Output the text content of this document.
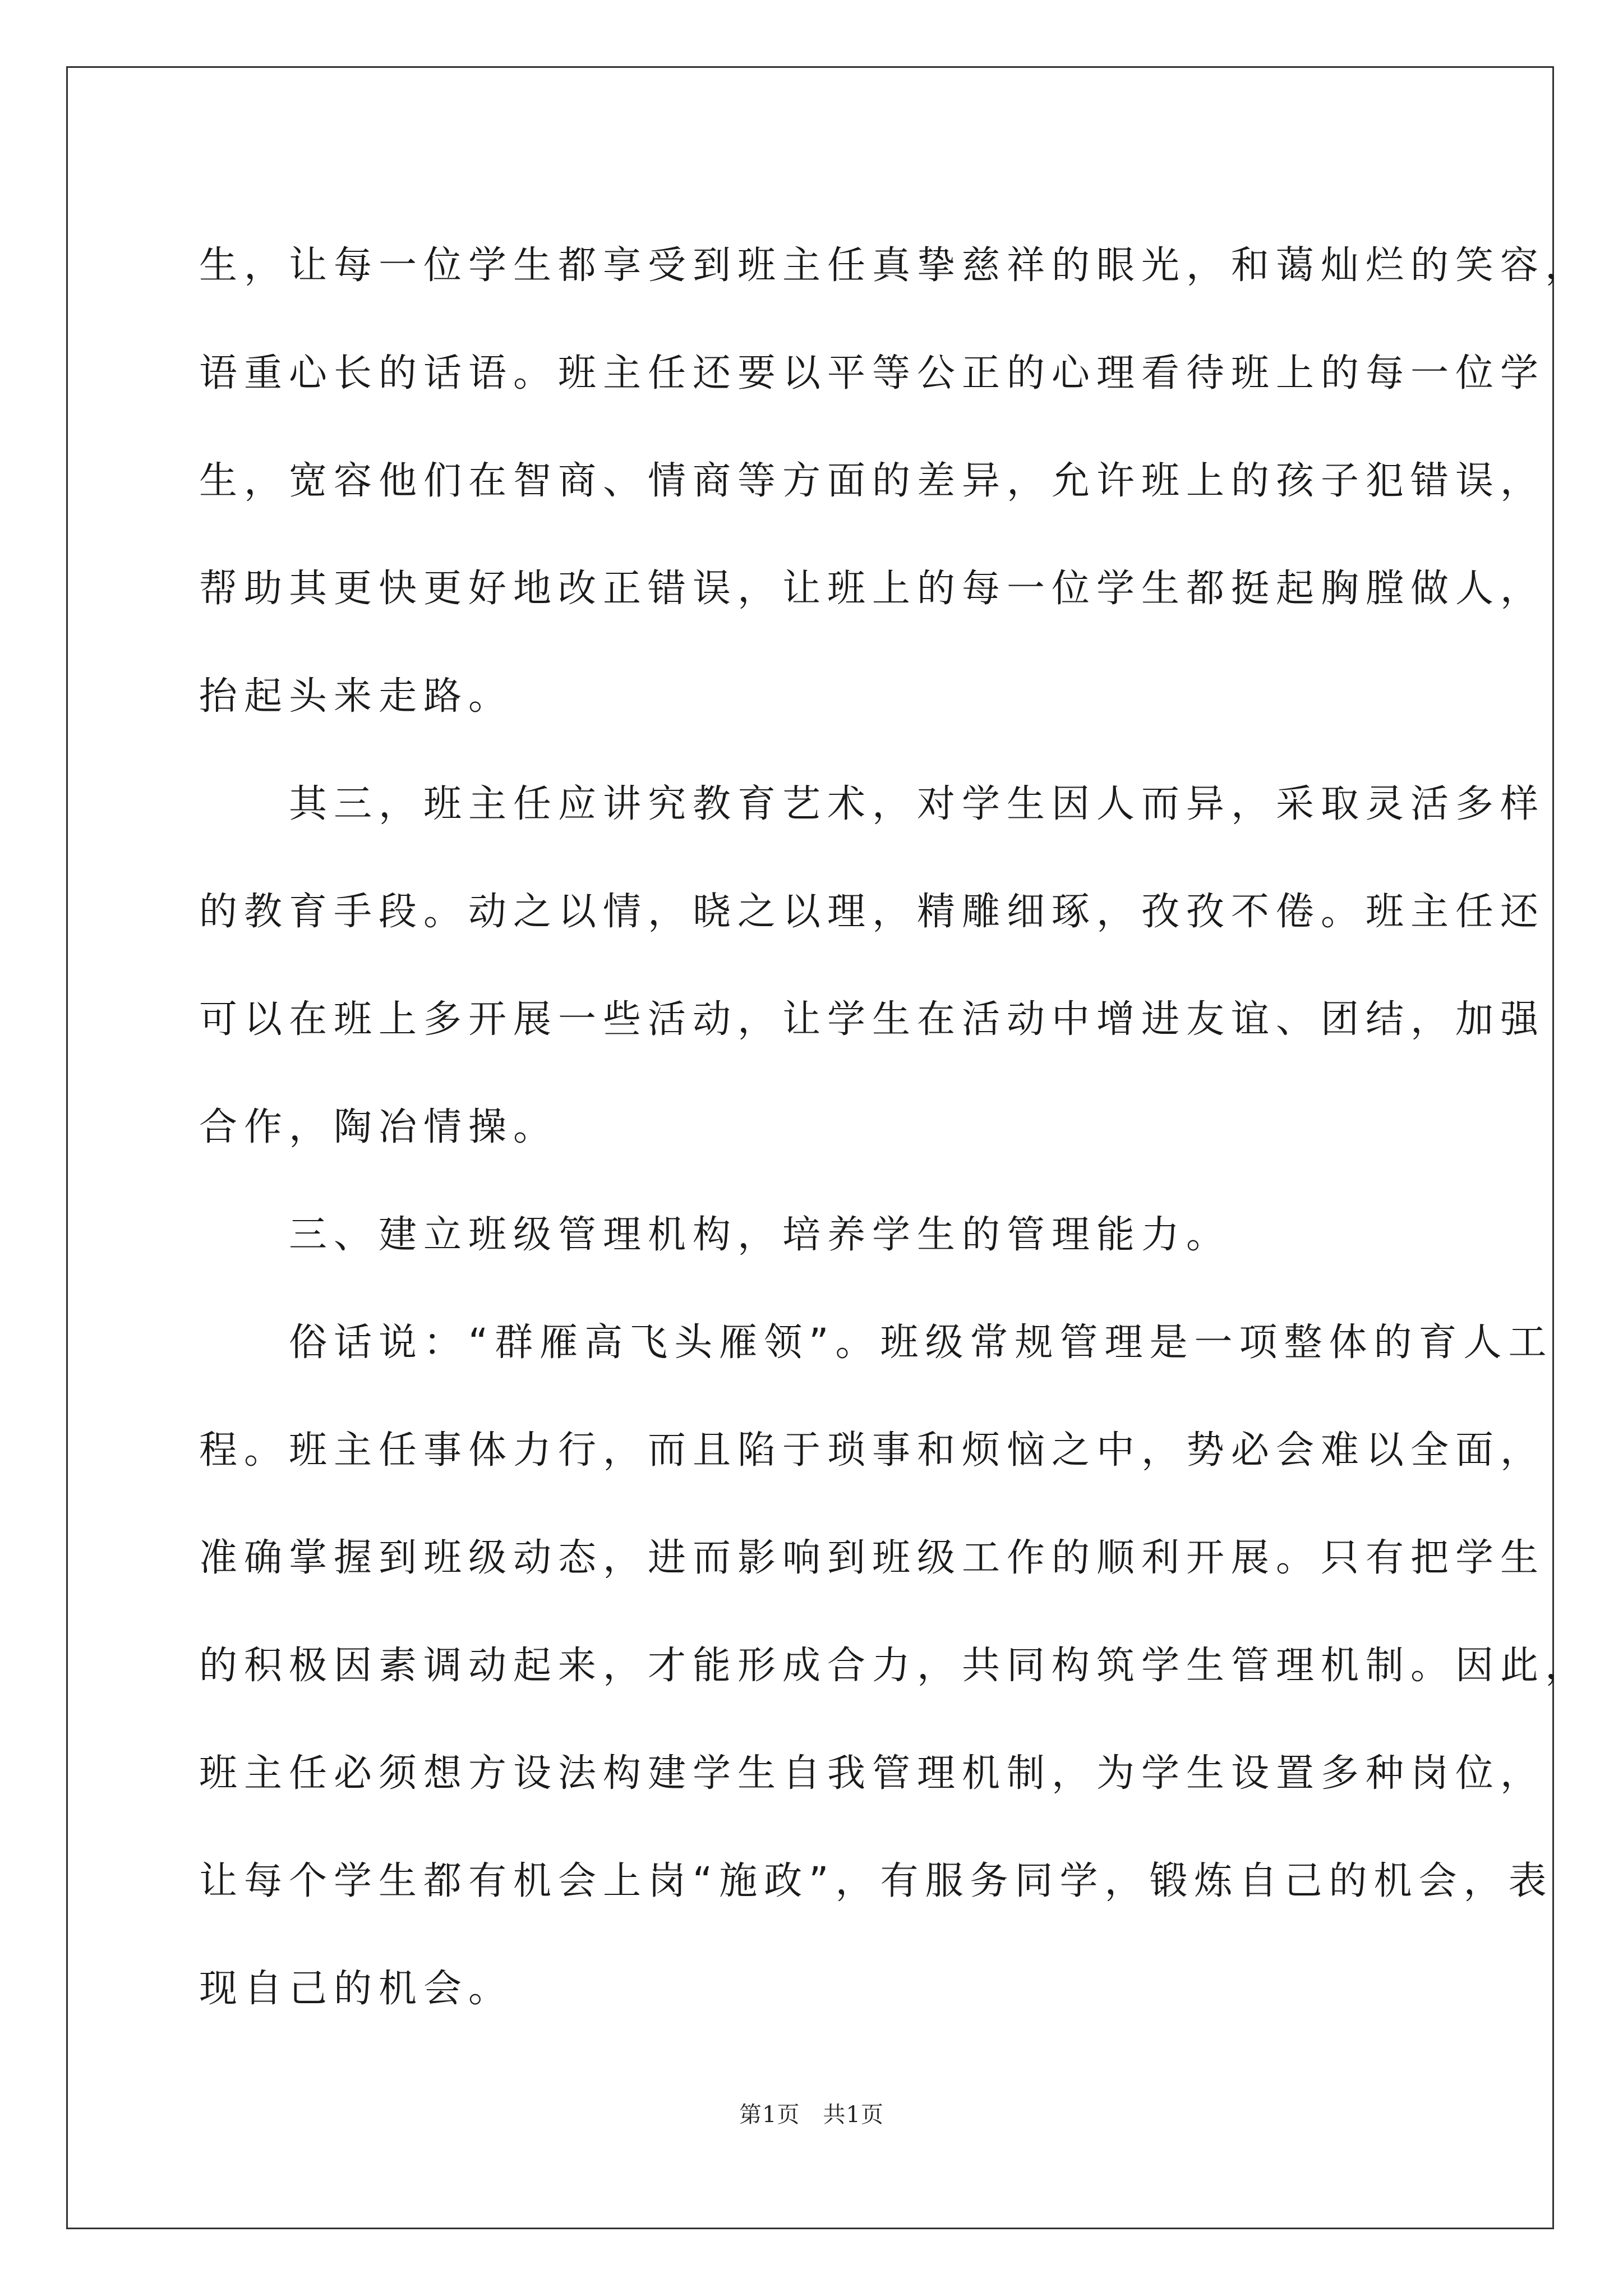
生，让每一位学生都享受到班主任真挚慈祥的眼光，和蔼灿烂的笑容，
语重心长的话语。班主任还要以平等公正的心理看待班上的每一位学
生，宽容他们在智商、情商等方面的差异，允许班上的孩子犯错误，
帮助其更快更好地改正错误，让班上的每一位学生都挺起胸膛做人，
抬起头来走路。
　　其三，班主任应讲究教育艺术，对学生因人而异，采取灵活多样
的教育手段。动之以情，晓之以理，精雕细琢，孜孜不倦。班主任还
可以在班上多开展一些活动，让学生在活动中增进友谊、团结，加强
合作，陶冶情操。
　　三、建立班级管理机构，培养学生的管理能力。
　　俗话说：“群雁高飞头雁领”。班级常规管理是一项整体的育人工
程。班主任事体力行，而且陷于琐事和烦恼之中，势必会难以全面，
准确掌握到班级动态，进而影响到班级工作的顺利开展。只有把学生
的积极因素调动起来，才能形成合力，共同构筑学生管理机制。因此，
班主任必须想方设法构建学生自我管理机制，为学生设置多种岗位，
让每个学生都有机会上岗“施政”，有服务同学，锻炼自己的机会，表
现自己的机会。
第1页　共1页
